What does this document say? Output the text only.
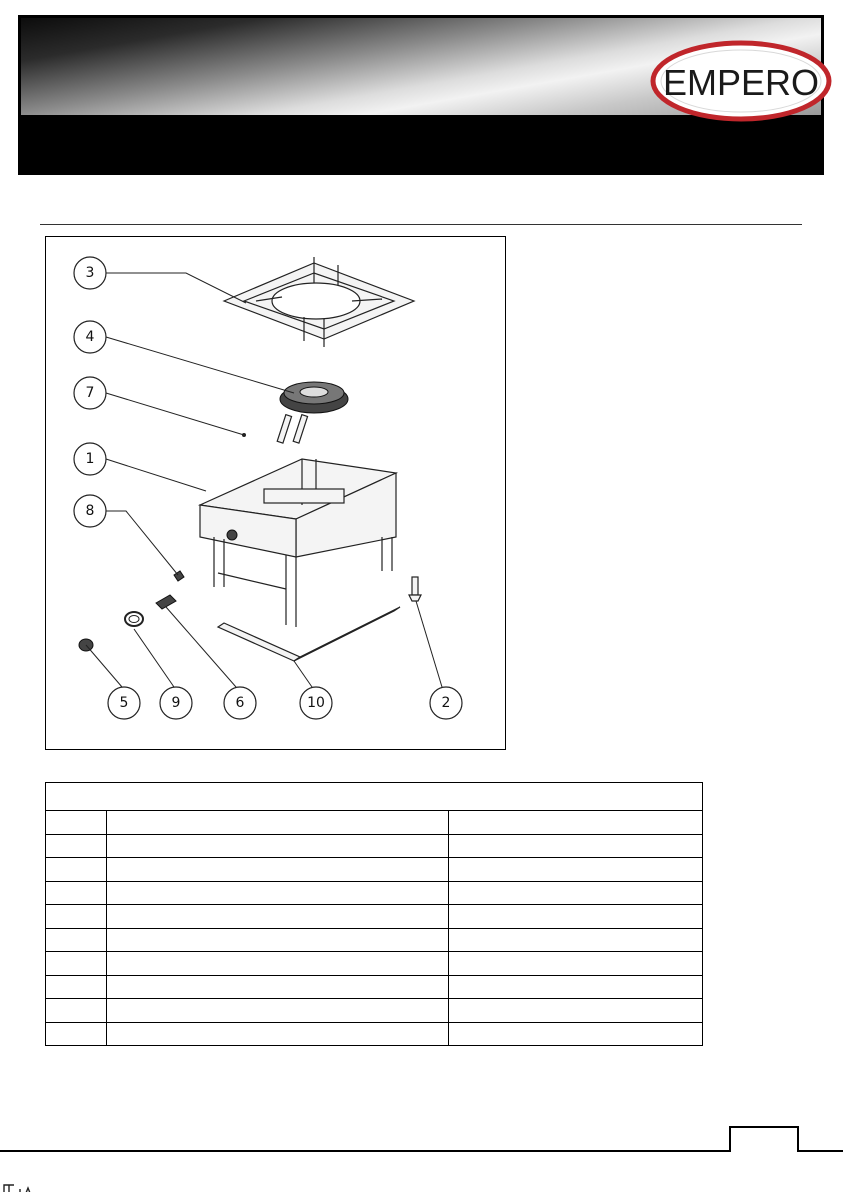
EMPERO
3
4
7
1
8
5	9	6	10	2
